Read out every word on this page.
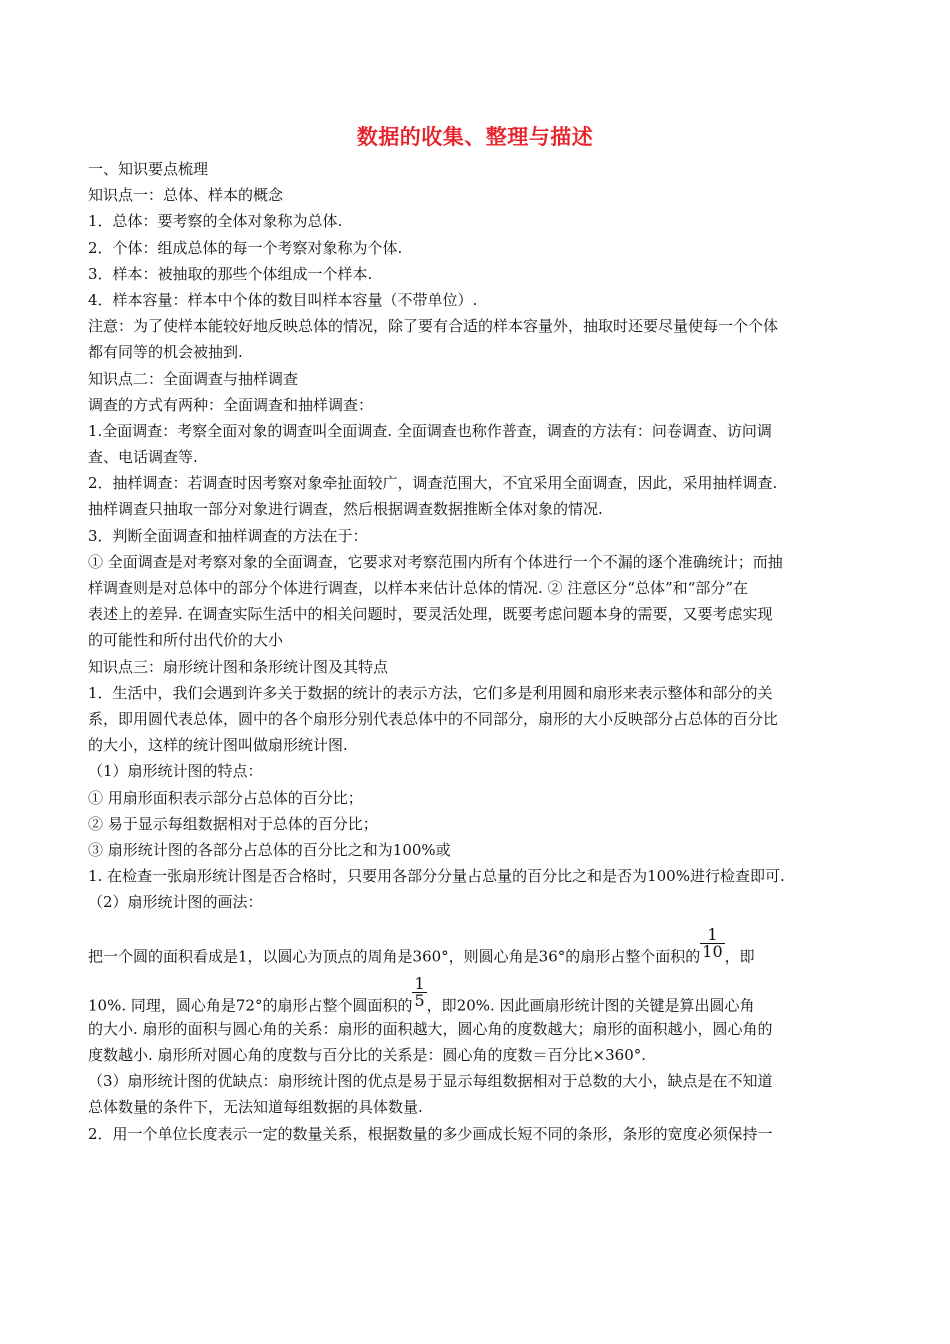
数据的收集、整理与描述
一、知识要点梳理
知识点一：总体、样本的概念
1．总体：要考察的全体对象称为总体.
2．个体：组成总体的每一个考察对象称为个体.
3．样本：被抽取的那些个体组成一个样本.
4．样本容量：样本中个体的数目叫样本容量（不带单位）.
注意：为了使样本能较好地反映总体的情况，除了要有合适的样本容量外，抽取时还要尽量使每一个个体
都有同等的机会被抽到.
知识点二：全面调查与抽样调查
调查的方式有两种：全面调查和抽样调查：
1.全面调查：考察全面对象的调查叫全面调查. 全面调查也称作普查，调查的方法有：问卷调查、访问调
查、电话调查等.
2．抽样调查：若调查时因考察对象牵扯面较广，调查范围大，不宜采用全面调查，因此，采用抽样调查.
抽样调查只抽取一部分对象进行调查，然后根据调查数据推断全体对象的情况.
3．判断全面调查和抽样调查的方法在于：
① 全面调查是对考察对象的全面调查，它要求对考察范围内所有个体进行一个不漏的逐个准确统计；而抽
样调查则是对总体中的部分个体进行调查，以样本来估计总体的情况. ② 注意区分“总体”和“部分”在
表述上的差异. 在调查实际生活中的相关问题时，要灵活处理，既要考虑问题本身的需要，又要考虑实现
的可能性和所付出代价的大小
知识点三：扇形统计图和条形统计图及其特点
1．生活中，我们会遇到许多关于数据的统计的表示方法，它们多是利用圆和扇形来表示整体和部分的关
系，即用圆代表总体，圆中的各个扇形分别代表总体中的不同部分，扇形的大小反映部分占总体的百分比
的大小，这样的统计图叫做扇形统计图.
（1）扇形统计图的特点：
① 用扇形面积表示部分占总体的百分比；
② 易于显示每组数据相对于总体的百分比；
③ 扇形统计图的各部分占总体的百分比之和为100%或
1. 在检查一张扇形统计图是否合格时，只要用各部分分量占总量的百分比之和是否为100%进行检查即可.
（2）扇形统计图的画法：
把一个圆的面积看成是1，以圆心为顶点的周角是360°，则圆心角是36°的扇形占整个面积的 $\frac{1}{10}$ ，即
10%. 同理，圆心角是72°的扇形占整个圆面积的 $\frac{1}{5}$ ，即20%. 因此画扇形统计图的关键是算出圆心角
的大小. 扇形的面积与圆心角的关系：扇形的面积越大，圆心角的度数越大；扇形的面积越小，圆心角的
度数越小. 扇形所对圆心角的度数与百分比的关系是：圆心角的度数＝百分比×360°.
（3）扇形统计图的优缺点：扇形统计图的优点是易于显示每组数据相对于总数的大小，缺点是在不知道
总体数量的条件下，无法知道每组数据的具体数量.
2．用一个单位长度表示一定的数量关系，根据数量的多少画成长短不同的条形，条形的宽度必须保持一
